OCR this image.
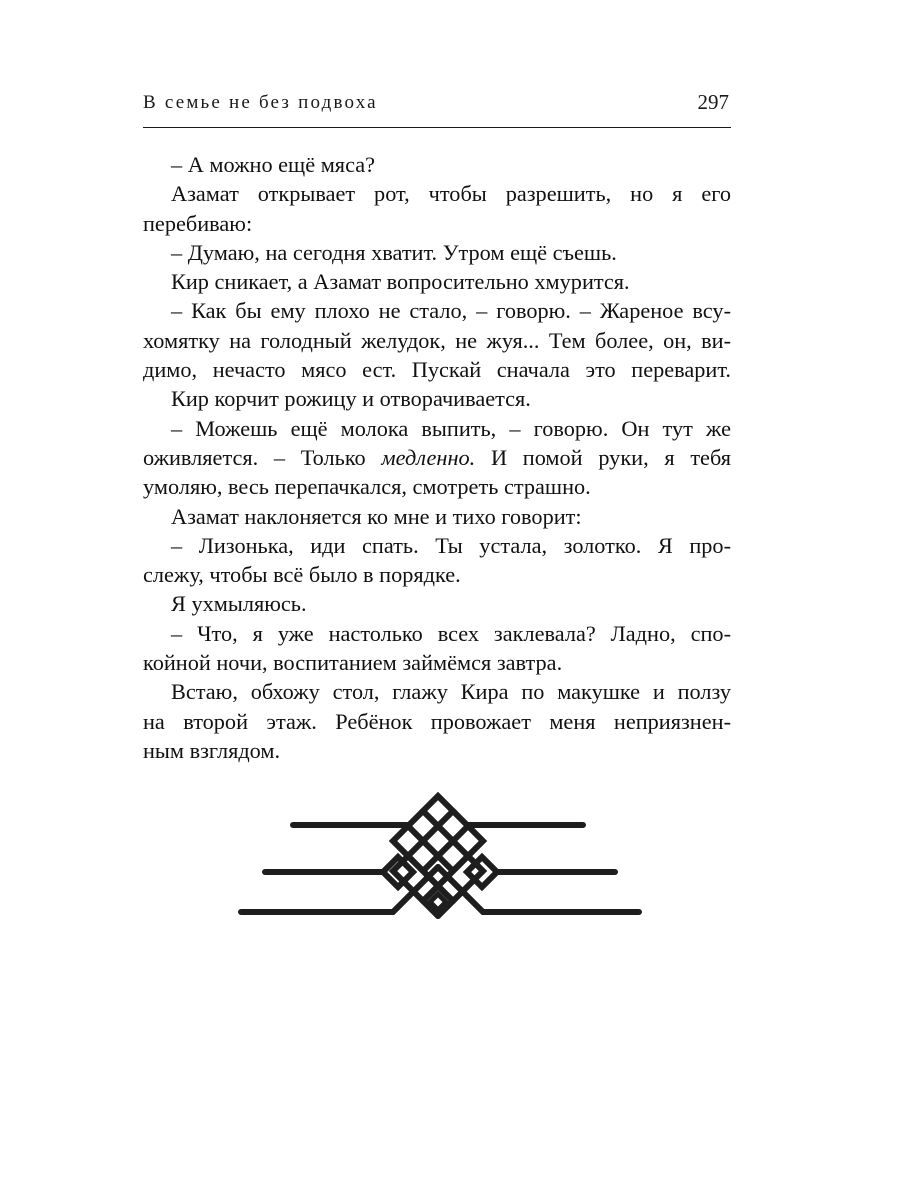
В семье не без подвоха	297
– А можно ещё мяса?
Азамат открывает рот, чтобы разрешить, но я его
перебиваю:
– Думаю, на сегодня хватит. Утром ещё съешь.
Кир сникает, а Азамат вопросительно хмурится.
– Как бы ему плохо не стало, – говорю. – Жареное всу-
хомятку на голодный желудок, не жуя... Тем более, он, ви-
димо, нечасто мясо ест. Пускай сначала это переварит.
Кир корчит рожицу и отворачивается.
– Можешь ещё молока выпить, – говорю. Он тут же
оживляется. – Только медленно. И помой руки, я тебя
умоляю, весь перепачкался, смотреть страшно.
Азамат наклоняется ко мне и тихо говорит:
– Лизонька, иди спать. Ты устала, золотко. Я про-
слежу, чтобы всё было в порядке.
Я ухмыляюсь.
– Что, я уже настолько всех заклевала? Ладно, спо-
койной ночи, воспитанием займёмся завтра.
Встаю, обхожу стол, глажу Кира по макушке и ползу
на второй этаж. Ребёнок провожает меня неприязнен-
ным взглядом.
